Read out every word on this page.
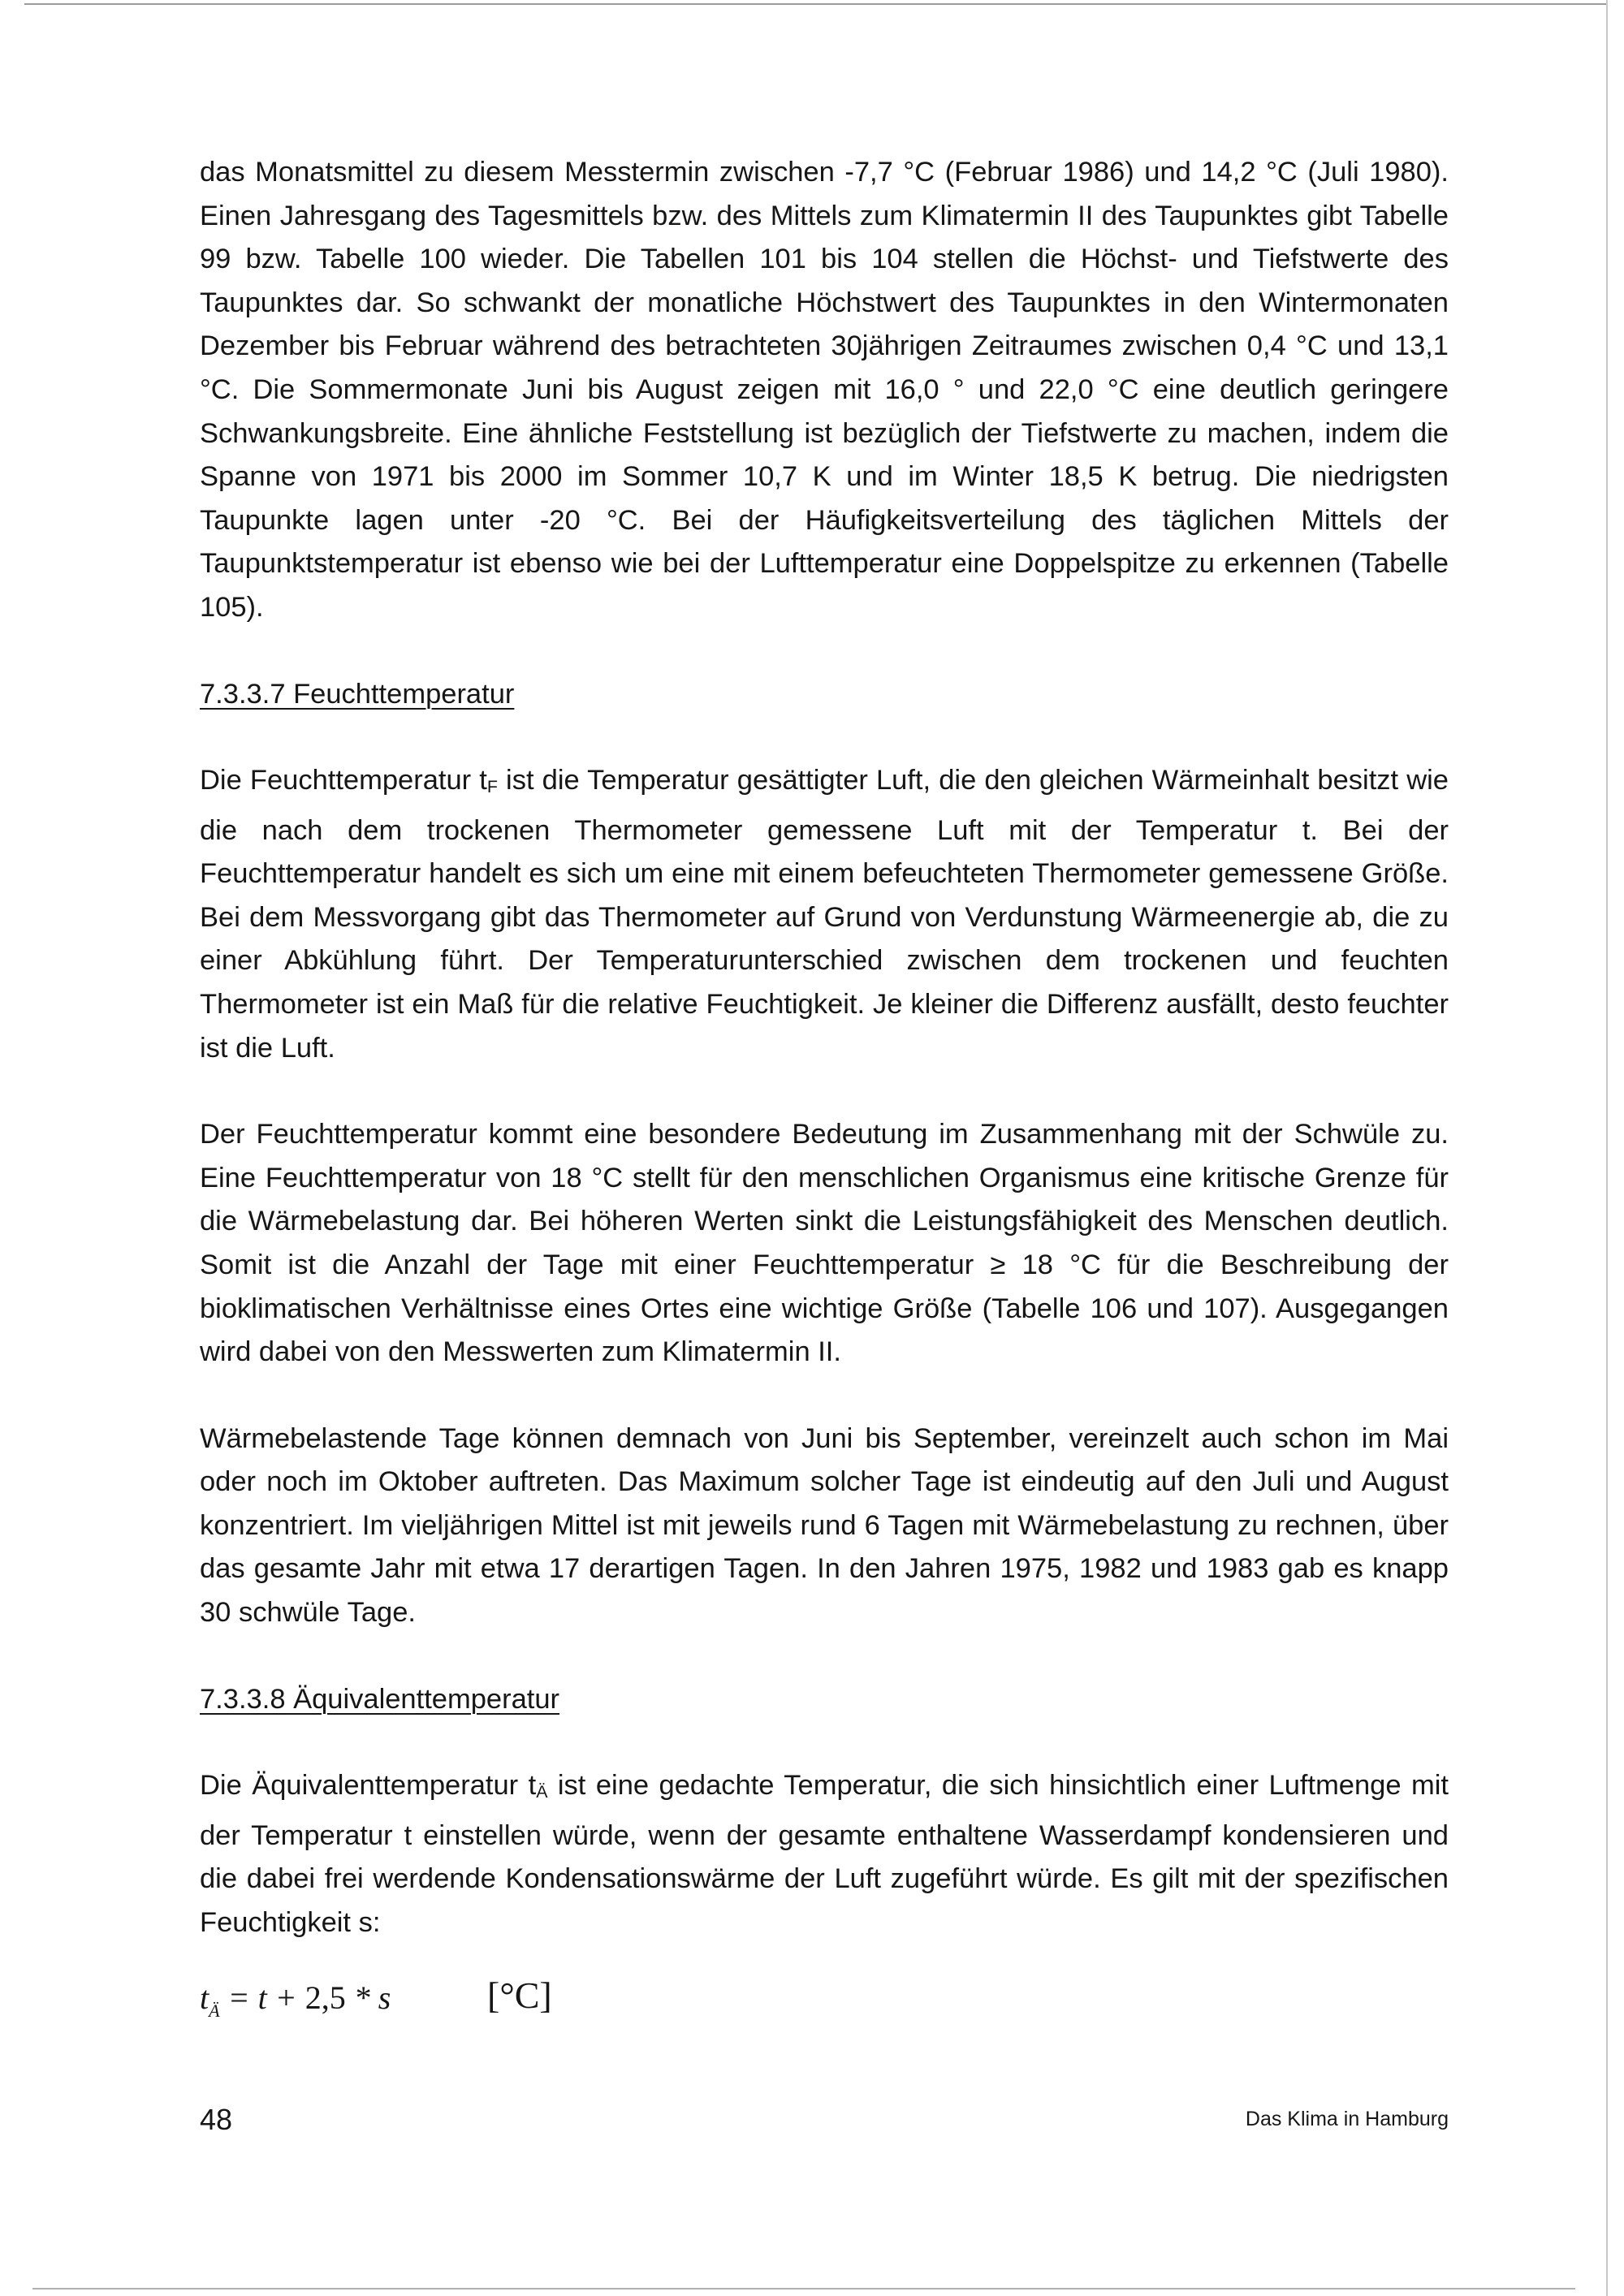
das Monatsmittel zu diesem Messtermin zwischen -7,7 °C (Februar 1986) und 14,2 °C (Juli 1980). Einen Jahresgang des Tagesmittels bzw. des Mittels zum Klimatermin II des Taupunktes gibt Tabelle 99 bzw. Tabelle 100 wieder. Die Tabellen 101 bis 104 stellen die Höchst- und Tiefstwerte des Taupunktes dar. So schwankt der monatliche Höchstwert des Taupunktes in den Wintermonaten Dezember bis Februar während des betrachteten 30jährigen Zeitraumes zwischen 0,4 °C und 13,1 °C. Die Sommermonate Juni bis August zeigen mit 16,0 ° und 22,0 °C eine deutlich geringere Schwankungsbreite. Eine ähnliche Feststellung ist bezüglich der Tiefstwerte zu machen, indem die Spanne von 1971 bis 2000 im Sommer 10,7 K und im Winter 18,5 K betrug. Die niedrigsten Taupunkte lagen unter -20 °C. Bei der Häufigkeitsverteilung des täglichen Mittels der Taupunktstemperatur ist ebenso wie bei der Lufttemperatur eine Doppelspitze zu erkennen (Tabelle 105).

7.3.3.7 Feuchttemperatur

Die Feuchttemperatur tF ist die Temperatur gesättigter Luft, die den gleichen Wärmeinhalt besitzt wie die nach dem trockenen Thermometer gemessene Luft mit der Temperatur t. Bei der Feuchttemperatur handelt es sich um eine mit einem befeuchteten Thermometer gemessene Größe. Bei dem Messvorgang gibt das Thermometer auf Grund von Verdunstung Wärmeenergie ab, die zu einer Abkühlung führt. Der Temperaturunterschied zwischen dem trockenen und feuchten Thermometer ist ein Maß für die relative Feuchtigkeit. Je kleiner die Differenz ausfällt, desto feuchter ist die Luft.

Der Feuchttemperatur kommt eine besondere Bedeutung im Zusammenhang mit der Schwüle zu. Eine Feuchttemperatur von 18 °C stellt für den menschlichen Organismus eine kritische Grenze für die Wärmebelastung dar. Bei höheren Werten sinkt die Leistungsfähigkeit des Menschen deutlich. Somit ist die Anzahl der Tage mit einer Feuchttemperatur ≥ 18 °C für die Beschreibung der bioklimatischen Verhältnisse eines Ortes eine wichtige Größe (Tabelle 106 und 107). Ausgegangen wird dabei von den Messwerten zum Klimatermin II.

Wärmebelastende Tage können demnach von Juni bis September, vereinzelt auch schon im Mai oder noch im Oktober auftreten. Das Maximum solcher Tage ist eindeutig auf den Juli und August konzentriert. Im vieljährigen Mittel ist mit jeweils rund 6 Tagen mit Wärmebelastung zu rechnen, über das gesamte Jahr mit etwa 17 derartigen Tagen. In den Jahren 1975, 1982 und 1983 gab es knapp 30 schwüle Tage.

7.3.3.8 Äquivalenttemperatur

Die Äquivalenttemperatur tÄ ist eine gedachte Temperatur, die sich hinsichtlich einer Luftmenge mit der Temperatur t einstellen würde, wenn der gesamte enthaltene Wasserdampf kondensieren und die dabei frei werdende Kondensationswärme der Luft zugeführt würde. Es gilt mit der spezifischen Feuchtigkeit s:

$t_Ä = t + 2,5 * s$	[°C]
48	Das Klima in Hamburg
